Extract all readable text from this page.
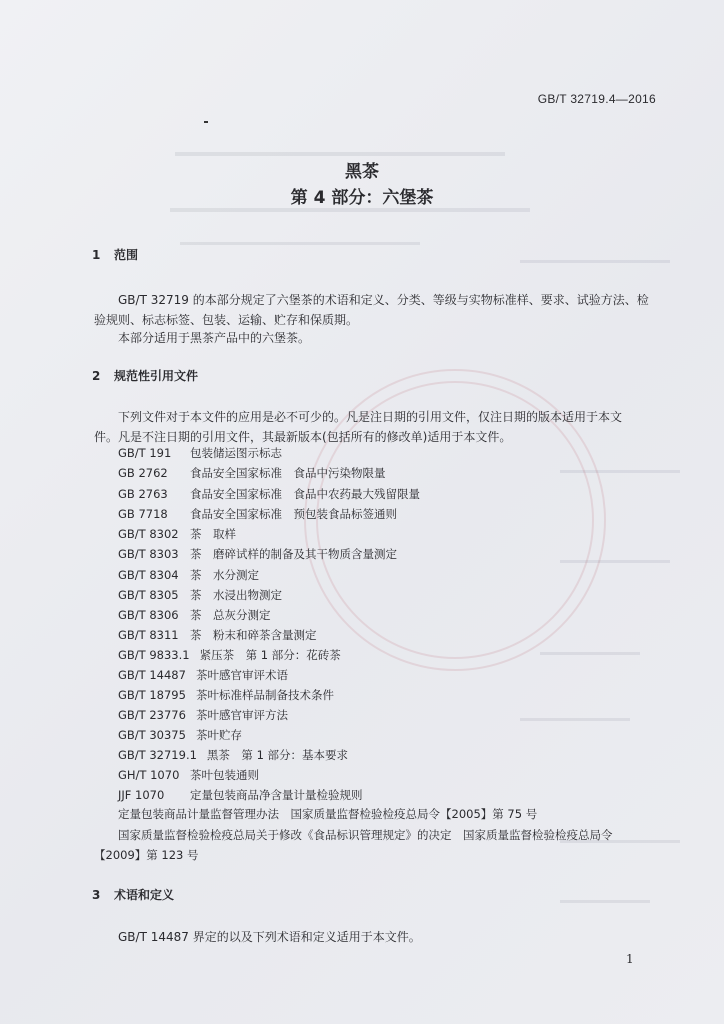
GB/T 32719.4—2016
黑茶
第 4 部分：六堡茶
1 范围
GB/T 32719 的本部分规定了六堡茶的术语和定义、分类、等级与实物标准样、要求、试验方法、检
验规则、标志标签、包装、运输、贮存和保质期。
本部分适用于黑茶产品中的六堡茶。
2 规范性引用文件
下列文件对于本文件的应用是必不可少的。凡是注日期的引用文件，仅注日期的版本适用于本文
件。凡是不注日期的引用文件，其最新版本(包括所有的修改单)适用于本文件。
GB/T 191 包装储运图示标志
GB 2762 食品安全国家标准　食品中污染物限量
GB 2763 食品安全国家标准　食品中农药最大残留限量
GB 7718 食品安全国家标准　预包装食品标签通则
GB/T 8302 茶　取样
GB/T 8303 茶　磨碎试样的制备及其干物质含量测定
GB/T 8304 茶　水分测定
GB/T 8305 茶　水浸出物测定
GB/T 8306 茶　总灰分测定
GB/T 8311 茶　粉末和碎茶含量测定
GB/T 9833.1 紧压茶　第 1 部分：花砖茶
GB/T 14487 茶叶感官审评术语
GB/T 18795 茶叶标准样品制备技术条件
GB/T 23776 茶叶感官审评方法
GB/T 30375 茶叶贮存
GB/T 32719.1 黑茶　第 1 部分：基本要求
GH/T 1070 茶叶包装通则
JJF 1070 定量包装商品净含量计量检验规则
定量包装商品计量监督管理办法　国家质量监督检验检疫总局令【2005】第 75 号
国家质量监督检验检疫总局关于修改《食品标识管理规定》的决定　国家质量监督检验检疫总局令
【2009】第 123 号
3 术语和定义
GB/T 14487 界定的以及下列术语和定义适用于本文件。
1
